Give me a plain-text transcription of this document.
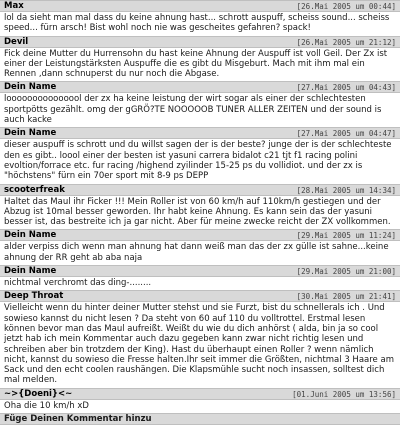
Max	[26.Mai 2005 um 00:44]
lol da sieht man mal dass du keine ahnung hast... schrott auspuff, scheiss sound... scheiss speed... fürn arsch! Bist wohl noch nie was gescheites gefahren? spack!
Devil	[26.Mai 2005 um 21:12]
Fick deine Mutter du Hurrensohn du hast keine Ahnung der Auspuff ist voll Geil. Der Zx ist einer der Leistungstärksten Auspuffe die es gibt du Misgeburt. Mach mit ihm mal ein Rennen ,dann schnuperst du nur noch die Abgase.
Dein Name	[27.Mai 2005 um 04:43]
looooooooooooool der zx ha keine leistung der wirt sogar als einer der schlechtesten sportpötts gezählt. omg der gGRÖ?TE NOOOOOB TUNER ALLER ZEITEN und der sound is auch kacke
Dein Name	[27.Mai 2005 um 04:47]
dieser auspuff is schrott und du willst sagen der is der beste? junge der is der schlechteste den es gibt.. loool einer der besten ist yasuni carrera bidalot c21 tjt f1 racing polini evoltion/forrace etc. fur racing /highend zyilinder 15-25 ps du vollidiot. und der zx is "höchstens" fürn ein 70er sport mit 8-9 ps DEPP
scooterfreak	[28.Mai 2005 um 14:34]
Haltet das Maul ihr Ficker !!! Mein Roller ist von 60 km/h auf 110km/h gestiegen und der Abzug ist 10mal besser geworden. Ihr habt keine Ahnung. Es kann sein das der yasuni besser ist, das bestreite ich ja gar nicht. Aber für meine zwecke reicht der ZX vollkommen.
Dein Name	[29.Mai 2005 um 11:24]
alder verpiss dich wenn man ahnung hat dann weiß man das der zx gülle ist sahne...keine ahnung der RR geht ab aba naja
Dein Name	[29.Mai 2005 um 21:00]
nichtmal verchromt das ding-........
Deep Throat	[30.Mai 2005 um 21:41]
Vielleicht wenn du hinter deiner Mutter stehst und sie Furzt, bist du schnellerals ich . Und sowieso kannst du nicht lesen ? Da steht von 60 auf 110 du volltrottel. Erstmal lesen können bevor man das Maul aufreißt. Weißt du wie du dich anhörst ( alda, bin ja so cool jetzt hab ich mein Kommentar auch dazu gegeben kann zwar nicht richtig lesen und schreiben aber bin trotzdem der King). Hast du überhaupt einen Roller ? wenn nämlich nicht, kannst du sowieso die Fresse halten.Ihr seit immer die Größten, nichtmal 3 Haare am Sack und den echt coolen raushängen. Die Klapsmühle sucht noch insassen, solltest dich mal melden.
~>{Doeni}<~	[01.Juni 2005 um 13:56]
Oha die 10 km/h xD
Füge Deinen Kommentar hinzu
